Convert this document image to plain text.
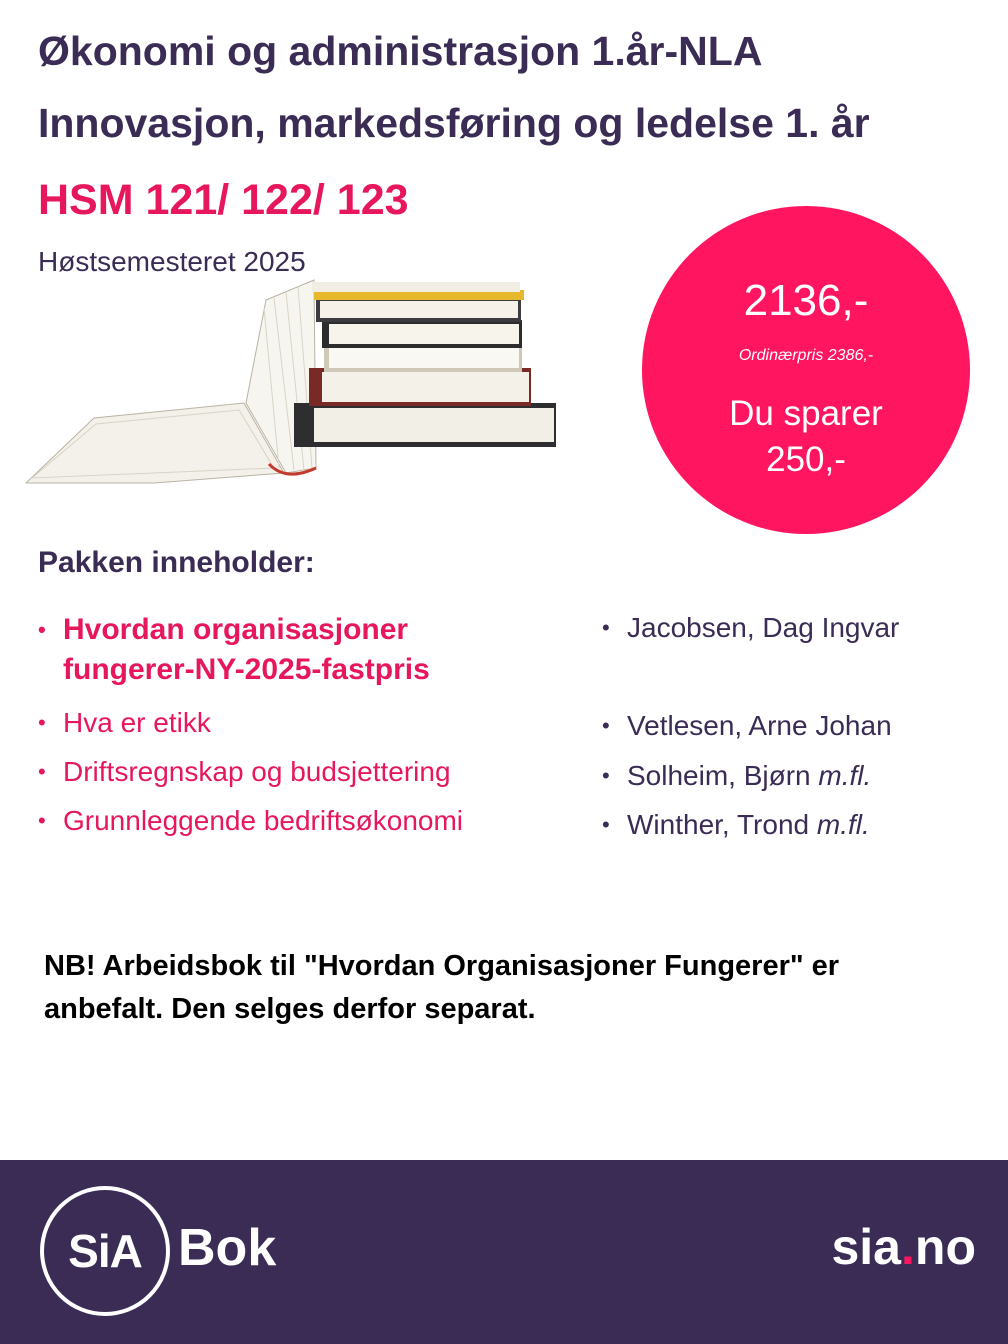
Økonomi og administrasjon 1.år-NLA
Innovasjon, markedsføring og ledelse 1. år
HSM 121/ 122/ 123
Høstsemesteret 2025
2136,-
Ordinærpris 2386,-
Du sparer
250,-
Pakken inneholder:
• Hvordan organisasjoner fungerer-NY-2025-fastpris
• Hva er etikk
• Driftsregnskap og budsjettering
• Grunnleggende bedriftsøkonomi
• Jacobsen, Dag Ingvar
• Vetlesen, Arne Johan
• Solheim, Bjørn m.fl.
• Winther, Trond m.fl.
NB! Arbeidsbok til "Hvordan Organisasjoner Fungerer" er anbefalt. Den selges derfor separat.
SiA Bok	sia.no
